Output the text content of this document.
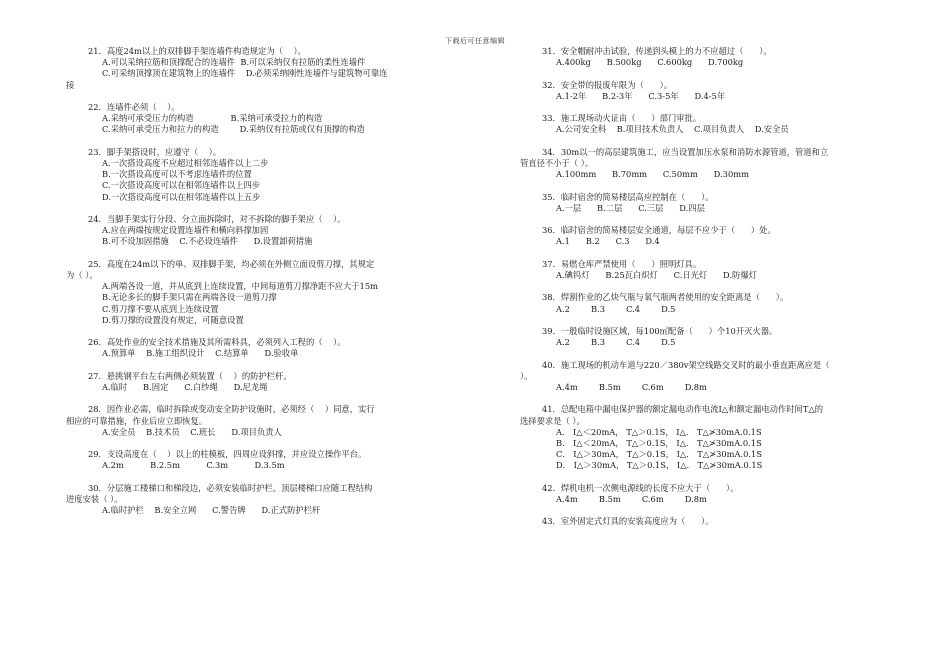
下载后可任意编辑

21．高度24m以上的双排脚手架连墙件构造规定为（    ）。

A.可以采纳拉筋和顶撑配合的连墙件  B.可以采纳仅有拉筋的柔性连墙件

C.可采纳顶撑顶在建筑物上的连墙件    D.必须采纳刚性连墙件与建筑物可靠连

接

22．连墙件必须（    ）。

A.采纳可承受压力的构造              B.采纳可承受拉力的构造

C.采纳可承受压力和拉力的构造        D.采纳仅有拉筋或仅有顶撑的构造

23．脚手架搭设时，应遵守（    ）。

A.一次搭设高度不应超过相邻连墙件以上二步

B.一次搭设高度可以不考虑连墙件的位置

C.一次搭设高度可以在相邻连墙件以上四步

D.一次搭设高度可以在相邻连墙件以上五步

24．当脚手架实行分段、分立面拆除时，对不拆除的脚手架应（    ）。

A.应在两端按规定设置连墙件和横向斜撑加固

B.可不设加固措施    C.不必设连墙件      D.设置卸荷措施

25．高度在24m以下的单、双排脚手架，均必须在外侧立面设剪刀撑，其规定

为（ ）。

A.两端各设一道，并从底到上连续设置，中间每道剪刀撑净距不应大于15m

B.无论多长的脚手架只需在两端各设一道剪刀撑

C.剪刀撑不要从底到上连续设置

D.剪刀撑的设置没有规定，可随意设置

26．高处作业的安全技术措施及其所需料具，必须列入工程的（    ）。

A.预算单    B.施工组织设计    C.结算单      D.验收单

27．悬挑钢平台左右两侧必须装置（    ）的防护栏杆。

A.临时      B.固定      C.白纱绳      D.尼龙绳

28．因作业必需，临时拆除或变动安全防护设施时，必须经（    ）同意，实行

相应的可靠措施，作业后应立即恢复。

A.安全员    B.技术员    C.班长      D.项目负责人

29．支设高度在（    ）以上的柱模板，四周应设斜撑，并应设立操作平台。

A.2m          B.2.5m          C.3m          D.3.5m

30．分层施工楼梯口和梯段边，必须安装临时护栏。顶层楼梯口应随工程结构

进度安装（ ）。

A.临时护栏    B.安全立网      C.警告牌      D.正式防护栏杆

31．安全帽耐冲击试验，传递到头模上的力不应超过（      ）。

A.400kg      B.500kg      C.600kg      D.700kg

32．安全带的报废年限为（      ）。

A.1-2年      B.2-3年      C.3-5年      D.4-5年

33．施工现场动火证由（      ）部门审批。

A.公司安全科    B.项目技术负责人    C.项目负责人    D.安全员

34．30m以一的高层建筑施工，应当设置加压水泵和消防水源管道，管道和立

管直径不小于（ ）。

A.100mm      B.70mm      C.50mm      D.30mm

35．临时宿舍的简易楼层高应控制在（      ）。

A.一层      B.二层      C.三层      D.四层

36．临时宿舍的简易楼层安全通道，每层不应少于（      ）处。

A.1      B.2      C.3      D.4

37．易燃仓库严禁使用（      ）照明灯具。

A.碘钨灯      B.25瓦白炽灯      C.日光灯      D.防爆灯

38．焊割作业的乙炔气瓶与氧气瓶两者使用的安全距离是（      ）。

A.2        B.3        C.4        D.5

39．一般临时设施区域，每100㎡配备（      ）个10开灭火器。

A.2        B.3        C.4        D.5

40．施工现场的机动车道与220／380v架空线路交叉时的最小垂直距离应是（

）。

A.4m        B.5m        C.6m        D.8m

41．总配电箱中漏电保护器的额定漏电动作电流I△和额定漏电动作时间T△的

选择要求是（ ）。

A． I△＜20mA， T△＞0.1S， I△． T△≯30mA.0.1S

B． I△＜20mA， T△＞0.1S， I△． T△≯30mA.0.1S

C． I△＞30mA， T△＞0.1S， I△． T△≯30mA.0.1S

D． I△＞30mA， T△＞0.1S， I△． T△≯30mA.0.1S

42．焊机电机一次侧电源线的长度不应大于（      ）。

A.4m        B.5m        C.6m        D.8m

43．室外固定式灯具的安装高度应为（      ）。
